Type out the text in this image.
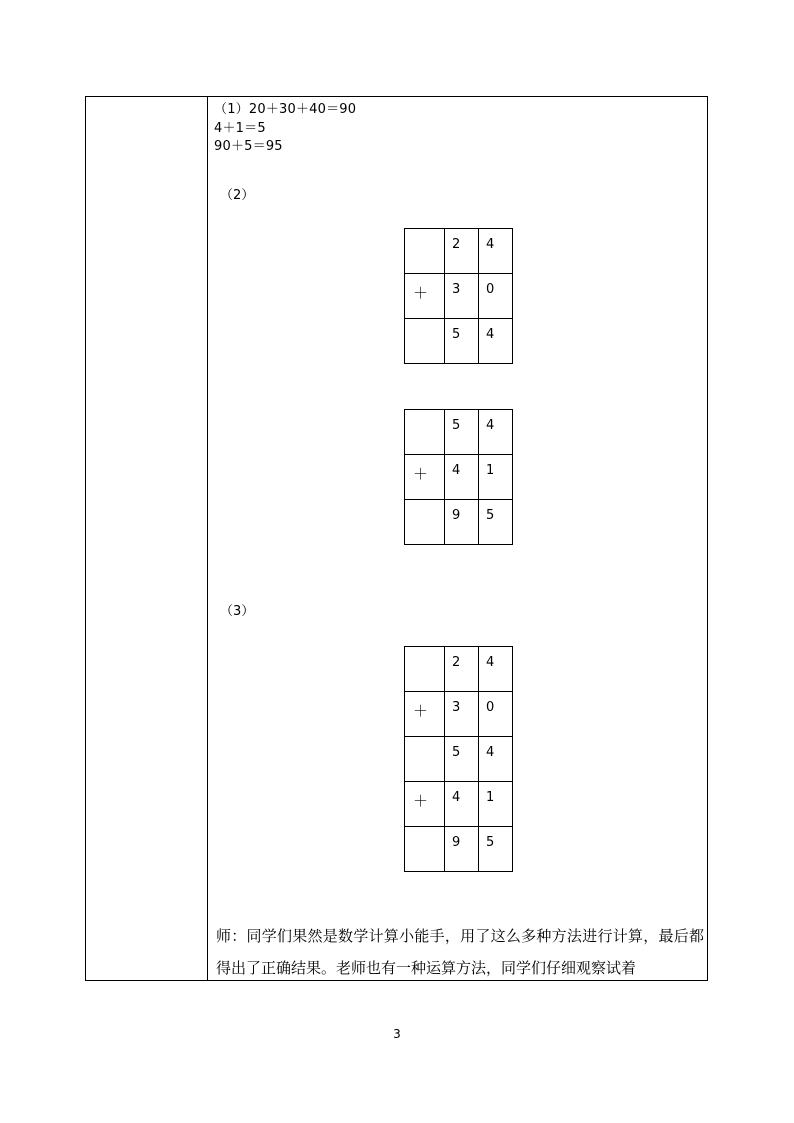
（1）20＋30＋40＝90
4＋1＝5
90＋5＝95
（2）
	2	4
＋	3	0
	5	4
	5	4
＋	4	1
	9	5
（3）
	2	4
＋	3	0
	5	4
＋	4	1
	9	5
师：同学们果然是数学计算小能手，用了这么多种方法进行计算，最后都得出了正确结果。老师也有一种运算方法，同学们仔细观察试着
3
